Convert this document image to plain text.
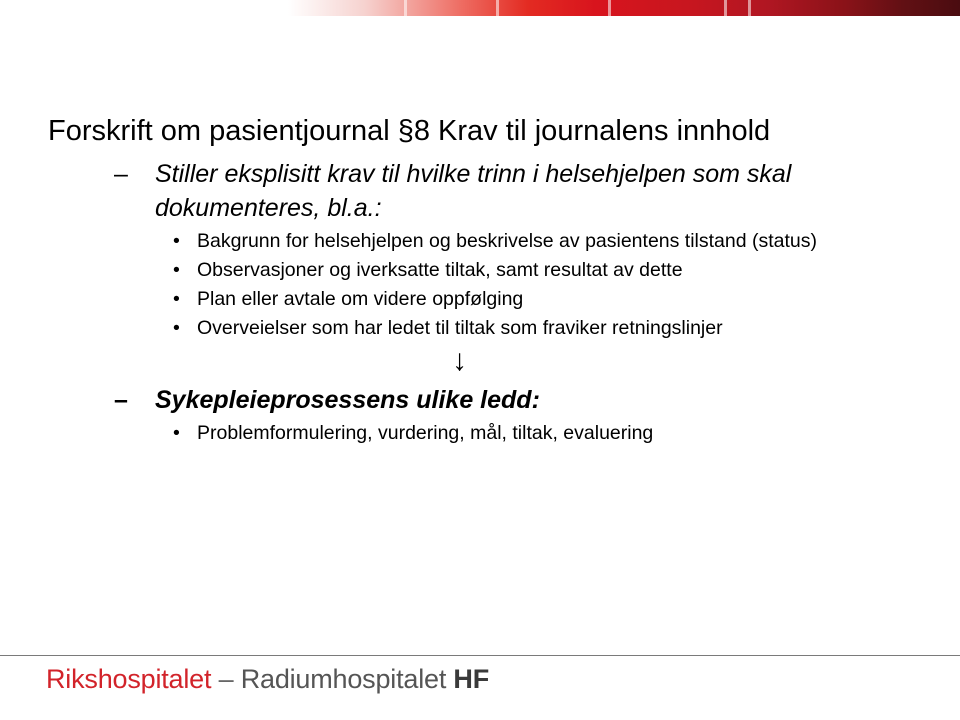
Forskrift om pasientjournal §8 Krav til journalens innhold

– Stiller eksplisitt krav til hvilke trinn i helsehjelpen som skal dokumenteres, bl.a.:
• Bakgrunn for helsehjelpen og beskrivelse av pasientens tilstand (status)
• Observasjoner og iverksatte tiltak, samt resultat av dette
• Plan eller avtale om videre oppfølging
• Overveielser som har ledet til tiltak som fraviker retningslinjer
↓
– Sykepleieprosessens ulike ledd:
• Problemformulering, vurdering, mål, tiltak, evaluering
Rikshospitalet – Radiumhospitalet HF
